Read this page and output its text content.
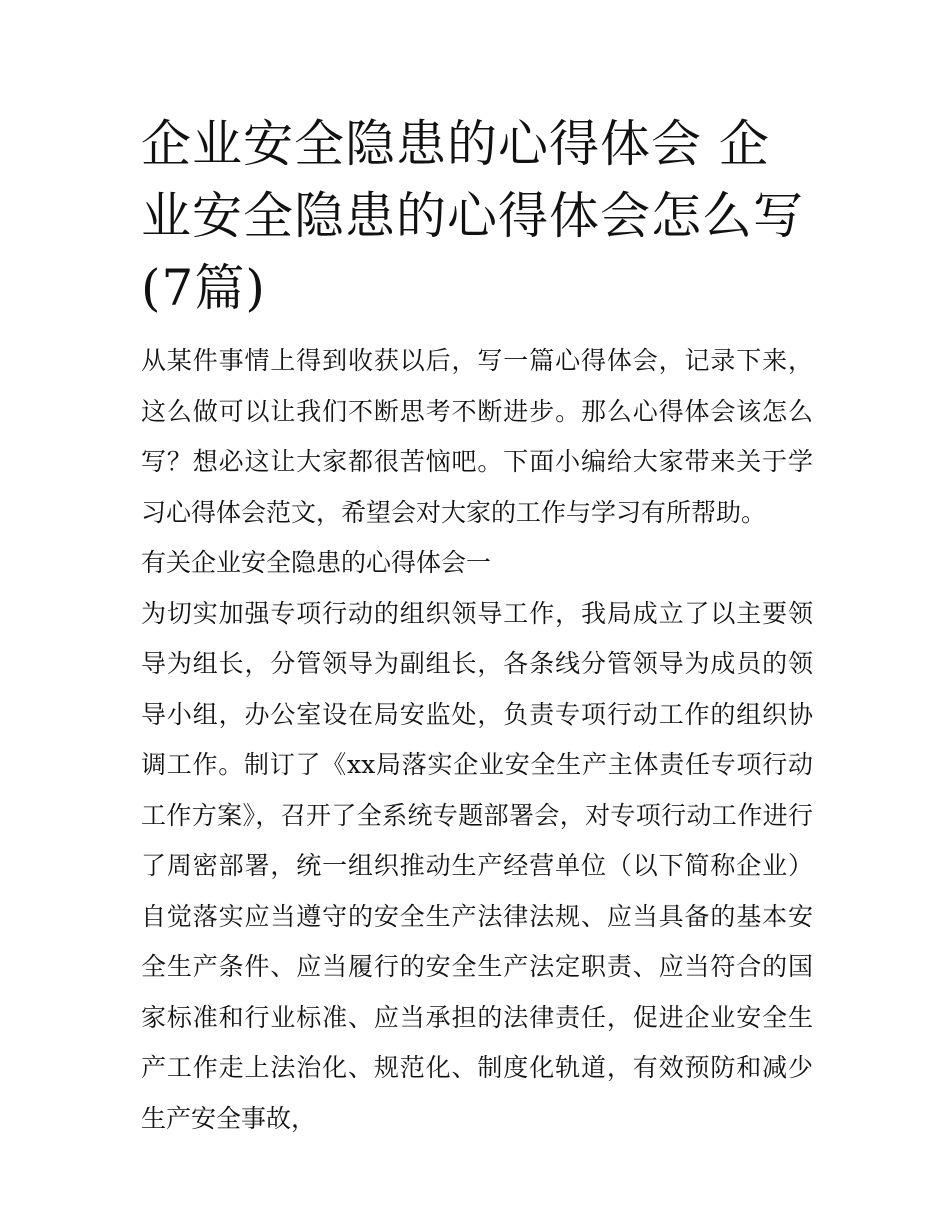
企业安全隐患的心得体会 企业安全隐患的心得体会怎么写(7篇)

从某件事情上得到收获以后，写一篇心得体会，记录下来，这么做可以让我们不断思考不断进步。那么心得体会该怎么写？想必这让大家都很苦恼吧。下面小编给大家带来关于学习心得体会范文，希望会对大家的工作与学习有所帮助。

有关企业安全隐患的心得体会一

为切实加强专项行动的组织领导工作，我局成立了以主要领导为组长，分管领导为副组长，各条线分管领导为成员的领导小组，办公室设在局安监处，负责专项行动工作的组织协调工作。制订了《xx局落实企业安全生产主体责任专项行动工作方案》，召开了全系统专题部署会，对专项行动工作进行了周密部署，统一组织推动生产经营单位（以下简称企业）自觉落实应当遵守的安全生产法律法规、应当具备的基本安全生产条件、应当履行的安全生产法定职责、应当符合的国家标准和行业标准、应当承担的法律责任，促进企业安全生产工作走上法治化、规范化、制度化轨道，有效预防和减少生产安全事故，
